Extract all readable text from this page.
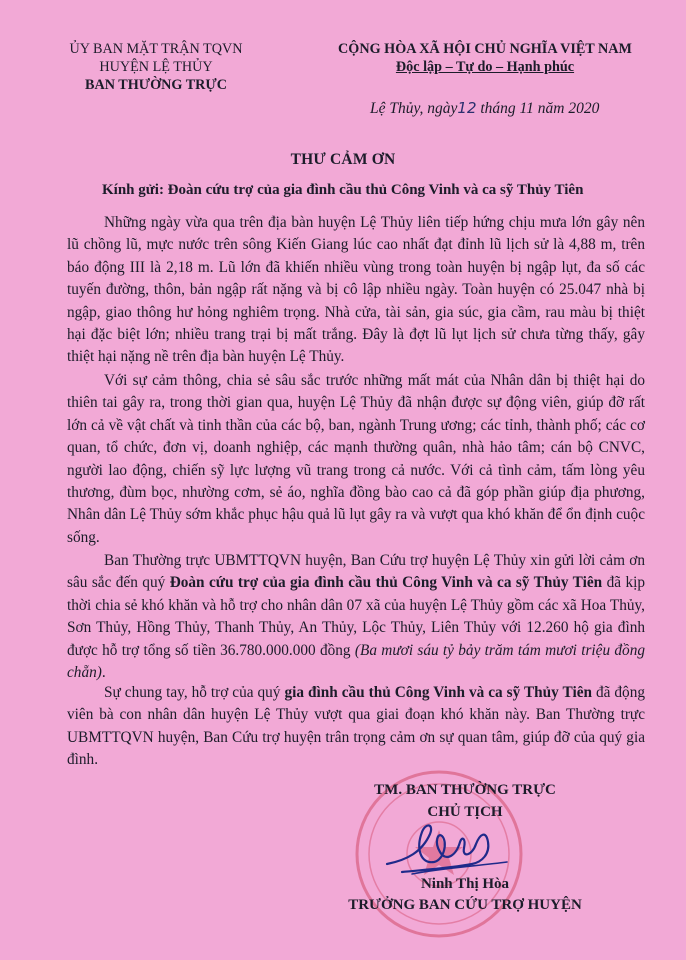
ỦY BAN MẶT TRẬN TQVN
HUYỆN LỆ THỦY
BAN THƯỜNG TRỰC
CỘNG HÒA XÃ HỘI CHỦ NGHĨA VIỆT NAM
Độc lập – Tự do – Hạnh phúc
Lệ Thủy, ngày12 tháng 11 năm 2020
THƯ CẢM ƠN
Kính gửi: Đoàn cứu trợ của gia đình cầu thủ Công Vinh và ca sỹ Thủy Tiên
Những ngày vừa qua trên địa bàn huyện Lệ Thủy liên tiếp hứng chịu mưa lớn gây nên lũ chồng lũ, mực nước trên sông Kiến Giang lúc cao nhất đạt đỉnh lũ lịch sử là 4,88 m, trên báo động III là 2,18 m. Lũ lớn đã khiến nhiều vùng trong toàn huyện bị ngập lụt, đa số các tuyến đường, thôn, bản ngập rất nặng và bị cô lập nhiều ngày. Toàn huyện có 25.047 nhà bị ngập, giao thông hư hỏng nghiêm trọng. Nhà cửa, tài sản, gia súc, gia cầm, rau màu bị thiệt hại đặc biệt lớn; nhiều trang trại bị mất trắng. Đây là đợt lũ lụt lịch sử chưa từng thấy, gây thiệt hại nặng nề trên địa bàn huyện Lệ Thủy.
Với sự cảm thông, chia sẻ sâu sắc trước những mất mát của Nhân dân bị thiệt hại do thiên tai gây ra, trong thời gian qua, huyện Lệ Thủy đã nhận được sự động viên, giúp đỡ rất lớn cả về vật chất và tinh thần của các bộ, ban, ngành Trung ương; các tỉnh, thành phố; các cơ quan, tổ chức, đơn vị, doanh nghiệp, các mạnh thường quân, nhà hảo tâm; cán bộ CNVC, người lao động, chiến sỹ lực lượng vũ trang trong cả nước. Với cả tình cảm, tấm lòng yêu thương, đùm bọc, nhường cơm, sẻ áo, nghĩa đồng bào cao cả đã góp phần giúp địa phương, Nhân dân Lệ Thủy sớm khắc phục hậu quả lũ lụt gây ra và vượt qua khó khăn để ổn định cuộc sống.
Ban Thường trực UBMTTQVN huyện, Ban Cứu trợ huyện Lệ Thủy xin gửi lời cảm ơn sâu sắc đến quý Đoàn cứu trợ của gia đình cầu thủ Công Vinh và ca sỹ Thủy Tiên đã kịp thời chia sẻ khó khăn và hỗ trợ cho nhân dân 07 xã của huyện Lệ Thủy gồm các xã Hoa Thủy, Sơn Thủy, Hồng Thủy, Thanh Thủy, An Thủy, Lộc Thủy, Liên Thủy với 12.260 hộ gia đình được hỗ trợ tổng số tiền 36.780.000.000 đồng (Ba mươi sáu tỷ bảy trăm tám mươi triệu đồng chẵn).
Sự chung tay, hỗ trợ của quý gia đình cầu thủ Công Vinh và ca sỹ Thủy Tiên đã động viên bà con nhân dân huyện Lệ Thủy vượt qua giai đoạn khó khăn này. Ban Thường trực UBMTTQVN huyện, Ban Cứu trợ huyện trân trọng cảm ơn sự quan tâm, giúp đỡ của quý gia đình.
TM. BAN THƯỜNG TRỰC
CHỦ TỊCH
Ninh Thị Hòa
TRƯỞNG BAN CỨU TRỢ HUYỆN
